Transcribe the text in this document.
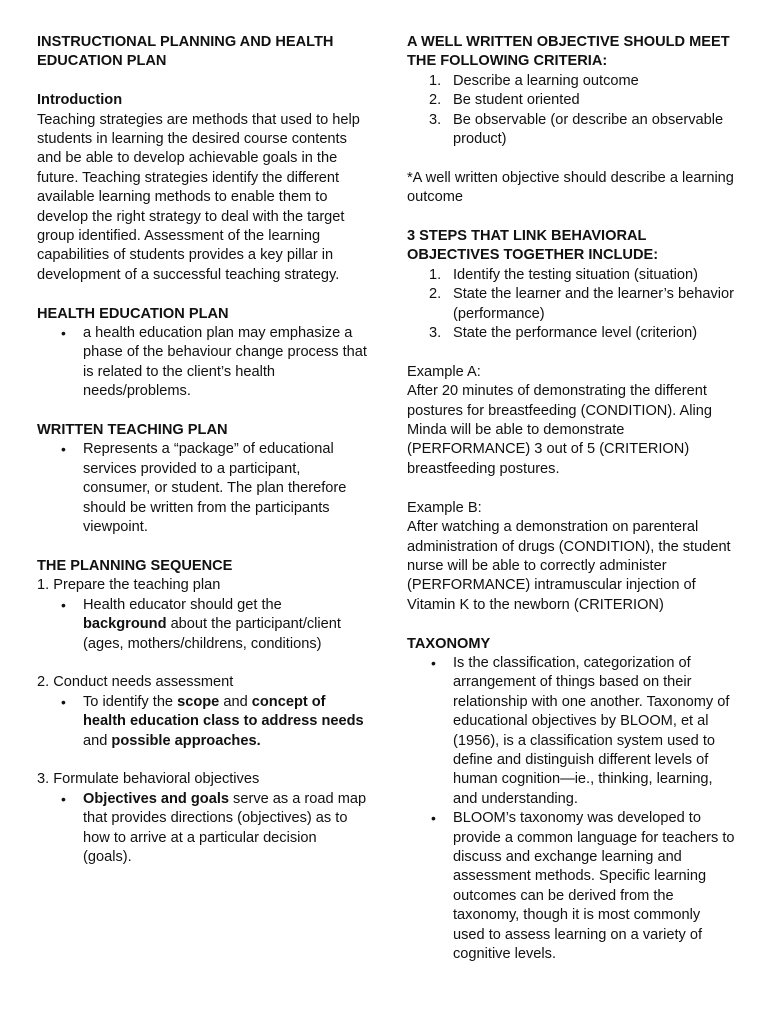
INSTRUCTIONAL PLANNING AND HEALTH EDUCATION PLAN

Introduction

Teaching strategies are methods that used to help students in learning the desired course contents and be able to develop achievable goals in the future. Teaching strategies identify the different available learning methods to enable them to develop the right strategy to deal with the target group identified. Assessment of the learning capabilities of students provides a key pillar in development of a successful teaching strategy.

HEALTH EDUCATION PLAN

• a health education plan may emphasize a phase of the behaviour change process that is related to the client’s health needs/problems.

WRITTEN TEACHING PLAN

• Represents a “package” of educational services provided to a participant, consumer, or student. The plan therefore should be written from the participants viewpoint.

THE PLANNING SEQUENCE

1. Prepare the teaching plan

• Health educator should get the background about the participant/client (ages, mothers/childrens, conditions)

2. Conduct needs assessment

• To identify the scope and concept of health education class to address needs and possible approaches.

3. Formulate behavioral objectives

• Objectives and goals serve as a road map that provides directions (objectives) as to how to arrive at a particular decision (goals).

A WELL WRITTEN OBJECTIVE SHOULD MEET THE FOLLOWING CRITERIA:

1. Describe a learning outcome
2. Be student oriented
3. Be observable (or describe an observable product)

*A well written objective should describe a learning outcome

3 STEPS THAT LINK BEHAVIORAL OBJECTIVES TOGETHER INCLUDE:

1. Identify the testing situation (situation)
2. State the learner and the learner’s behavior (performance)
3. State the performance level (criterion)

Example A:

After 20 minutes of demonstrating the different postures for breastfeeding (CONDITION). Aling Minda will be able to demonstrate (PERFORMANCE) 3 out of 5 (CRITERION) breastfeeding postures.

Example B:

After watching a demonstration on parenteral administration of drugs (CONDITION), the student nurse will be able to correctly administer (PERFORMANCE) intramuscular injection of Vitamin K to the newborn (CRITERION)

TAXONOMY

• Is the classification, categorization of arrangement of things based on their relationship with one another. Taxonomy of educational objectives by BLOOM, et al (1956), is a classification system used to define and distinguish different levels of human cognition—ie., thinking, learning, and understanding.
• BLOOM’s taxonomy was developed to provide a common language for teachers to discuss and exchange learning and assessment methods. Specific learning outcomes can be derived from the taxonomy, though it is most commonly used to assess learning on a variety of cognitive levels.
